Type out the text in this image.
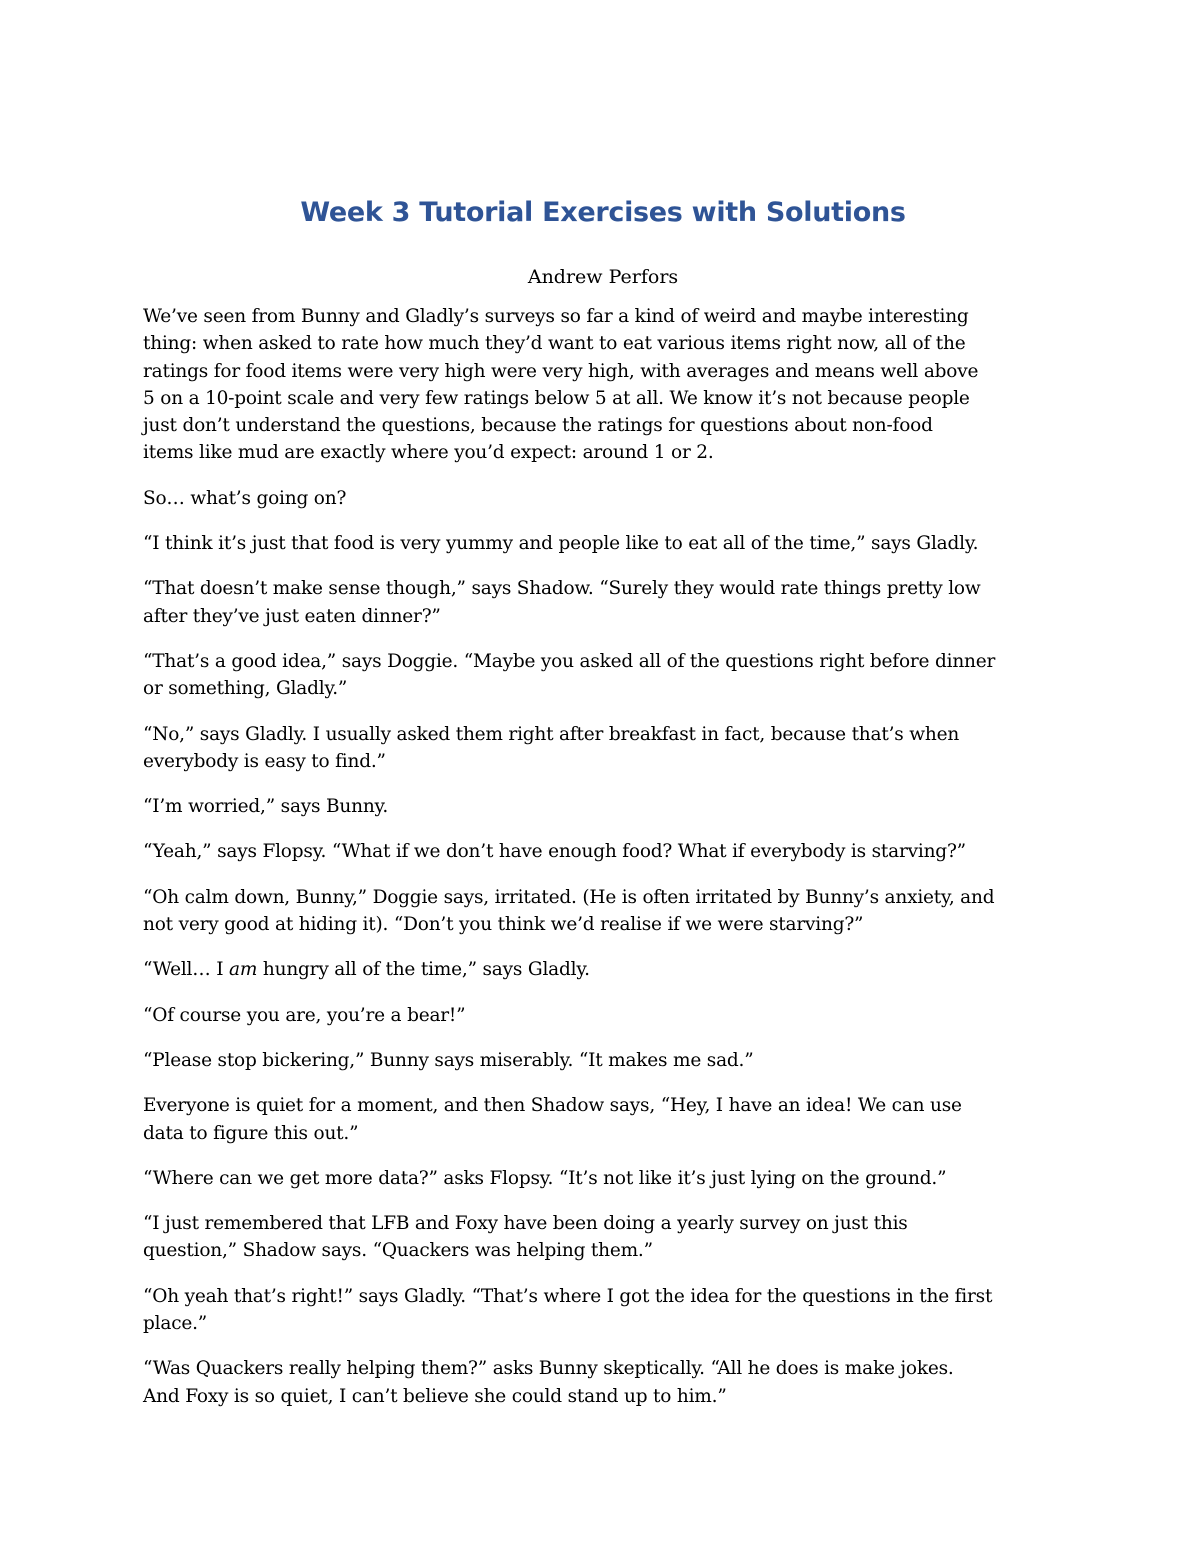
Week 3 Tutorial Exercises with Solutions

Andrew Perfors

We’ve seen from Bunny and Gladly’s surveys so far a kind of weird and maybe interesting
thing: when asked to rate how much they’d want to eat various items right now, all of the
ratings for food items were very high were very high, with averages and means well above
5 on a 10-point scale and very few ratings below 5 at all. We know it’s not because people
just don’t understand the questions, because the ratings for questions about non-food
items like mud are exactly where you’d expect: around 1 or 2.

So… what’s going on?

“I think it’s just that food is very yummy and people like to eat all of the time,” says Gladly.

“That doesn’t make sense though,” says Shadow. “Surely they would rate things pretty low
after they’ve just eaten dinner?”

“That’s a good idea,” says Doggie. “Maybe you asked all of the questions right before dinner
or something, Gladly.”

“No,” says Gladly. I usually asked them right after breakfast in fact, because that’s when
everybody is easy to find.”

“I’m worried,” says Bunny.

“Yeah,” says Flopsy. “What if we don’t have enough food? What if everybody is starving?”

“Oh calm down, Bunny,” Doggie says, irritated. (He is often irritated by Bunny’s anxiety, and
not very good at hiding it). “Don’t you think we’d realise if we were starving?”

“Well… I am hungry all of the time,” says Gladly.

“Of course you are, you’re a bear!”

“Please stop bickering,” Bunny says miserably. “It makes me sad.”

Everyone is quiet for a moment, and then Shadow says, “Hey, I have an idea! We can use
data to figure this out.”

“Where can we get more data?” asks Flopsy. “It’s not like it’s just lying on the ground.”

“I just remembered that LFB and Foxy have been doing a yearly survey on just this
question,” Shadow says. “Quackers was helping them.”

“Oh yeah that’s right!” says Gladly. “That’s where I got the idea for the questions in the first
place.”

“Was Quackers really helping them?” asks Bunny skeptically. “All he does is make jokes.
And Foxy is so quiet, I can’t believe she could stand up to him.”
